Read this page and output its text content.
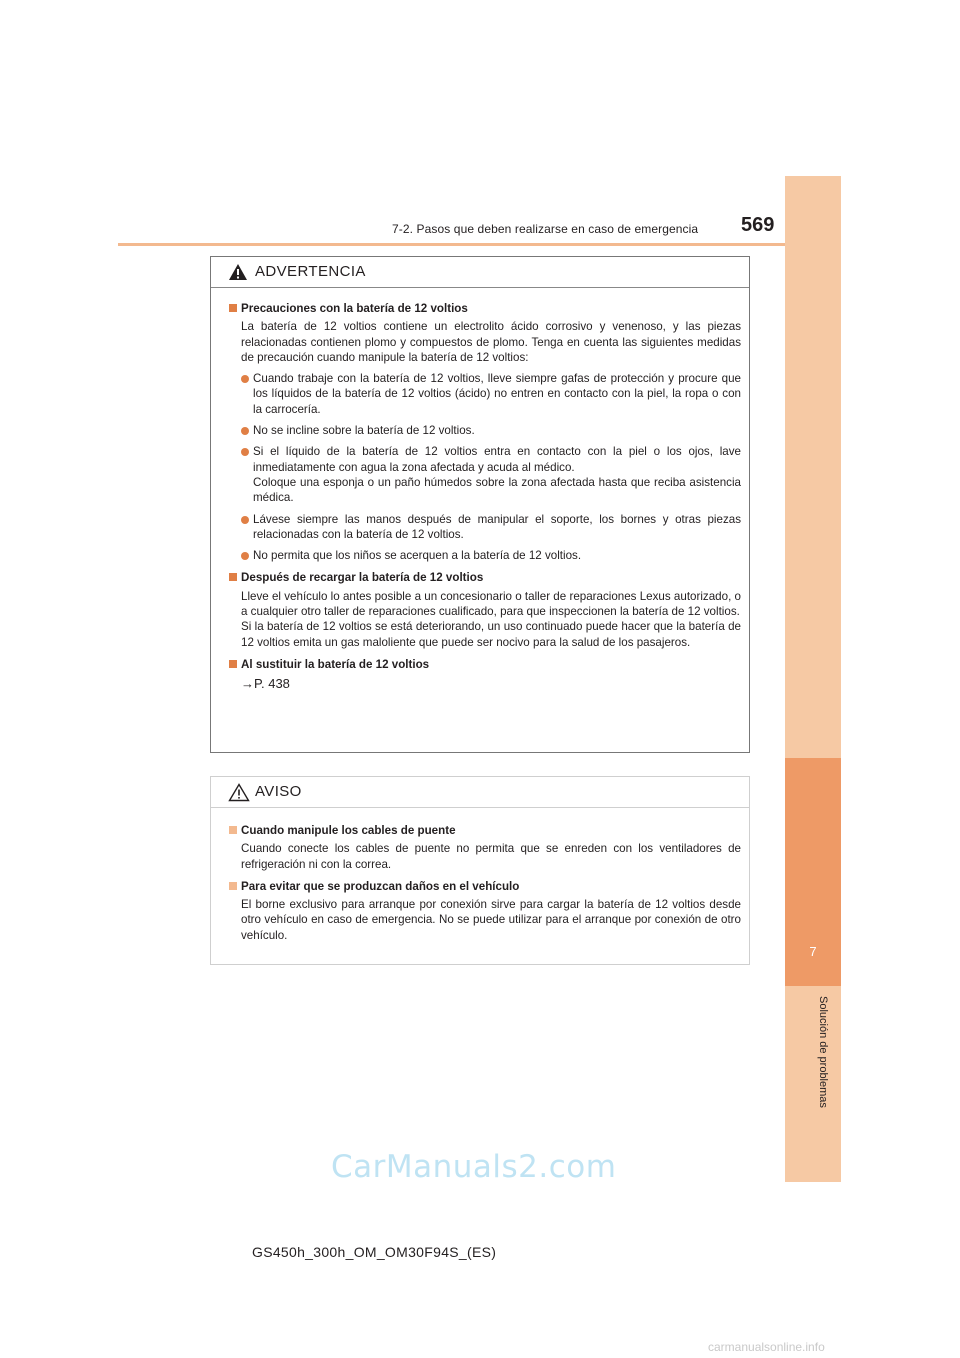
7
Solución de problemas
7-2. Pasos que deben realizarse en caso de emergencia 569
ADVERTENCIA
Precauciones con la batería de 12 voltios
La batería de 12 voltios contiene un electrolito ácido corrosivo y venenoso, y las piezas relacionadas contienen plomo y compuestos de plomo. Tenga en cuenta las siguientes medidas de precaución cuando manipule la batería de 12 voltios:
Cuando trabaje con la batería de 12 voltios, lleve siempre gafas de protección y procure que los líquidos de la batería de 12 voltios (ácido) no entren en contacto con la piel, la ropa o con la carrocería.
No se incline sobre la batería de 12 voltios.
Si el líquido de la batería de 12 voltios entra en contacto con la piel o los ojos, lave inmediatamente con agua la zona afectada y acuda al médico.
Coloque una esponja o un paño húmedos sobre la zona afectada hasta que reciba asistencia médica.
Lávese siempre las manos después de manipular el soporte, los bornes y otras piezas relacionadas con la batería de 12 voltios.
No permita que los niños se acerquen a la batería de 12 voltios.
Después de recargar la batería de 12 voltios
Lleve el vehículo lo antes posible a un concesionario o taller de reparaciones Lexus autorizado, o a cualquier otro taller de reparaciones cualificado, para que inspeccionen la batería de 12 voltios.
Si la batería de 12 voltios se está deteriorando, un uso continuado puede hacer que la batería de 12 voltios emita un gas maloliente que puede ser nocivo para la salud de los pasajeros.
Al sustituir la batería de 12 voltios
→P. 438
AVISO
Cuando manipule los cables de puente
Cuando conecte los cables de puente no permita que se enreden con los ventiladores de refrigeración ni con la correa.
Para evitar que se produzcan daños en el vehículo
El borne exclusivo para arranque por conexión sirve para cargar la batería de 12 voltios desde otro vehículo en caso de emergencia. No se puede utilizar para el arranque por conexión de otro vehículo.
CarManuals2.com
GS450h_300h_OM_OM30F94S_(ES)
carmanualsonline.info
